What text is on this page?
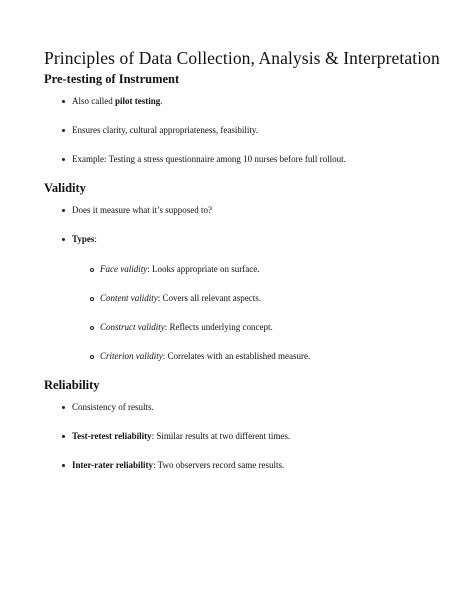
Principles of Data Collection, Analysis & Interpretation
Pre-testing of Instrument
Also called pilot testing.
Ensures clarity, cultural appropriateness, feasibility.
Example: Testing a stress questionnaire among 10 nurses before full rollout.
Validity
Does it measure what it’s supposed to?
Types:
Face validity: Looks appropriate on surface.
Content validity: Covers all relevant aspects.
Construct validity: Reflects underlying concept.
Criterion validity: Correlates with an established measure.
Reliability
Consistency of results.
Test-retest reliability: Similar results at two different times.
Inter-rater reliability: Two observers record same results.
